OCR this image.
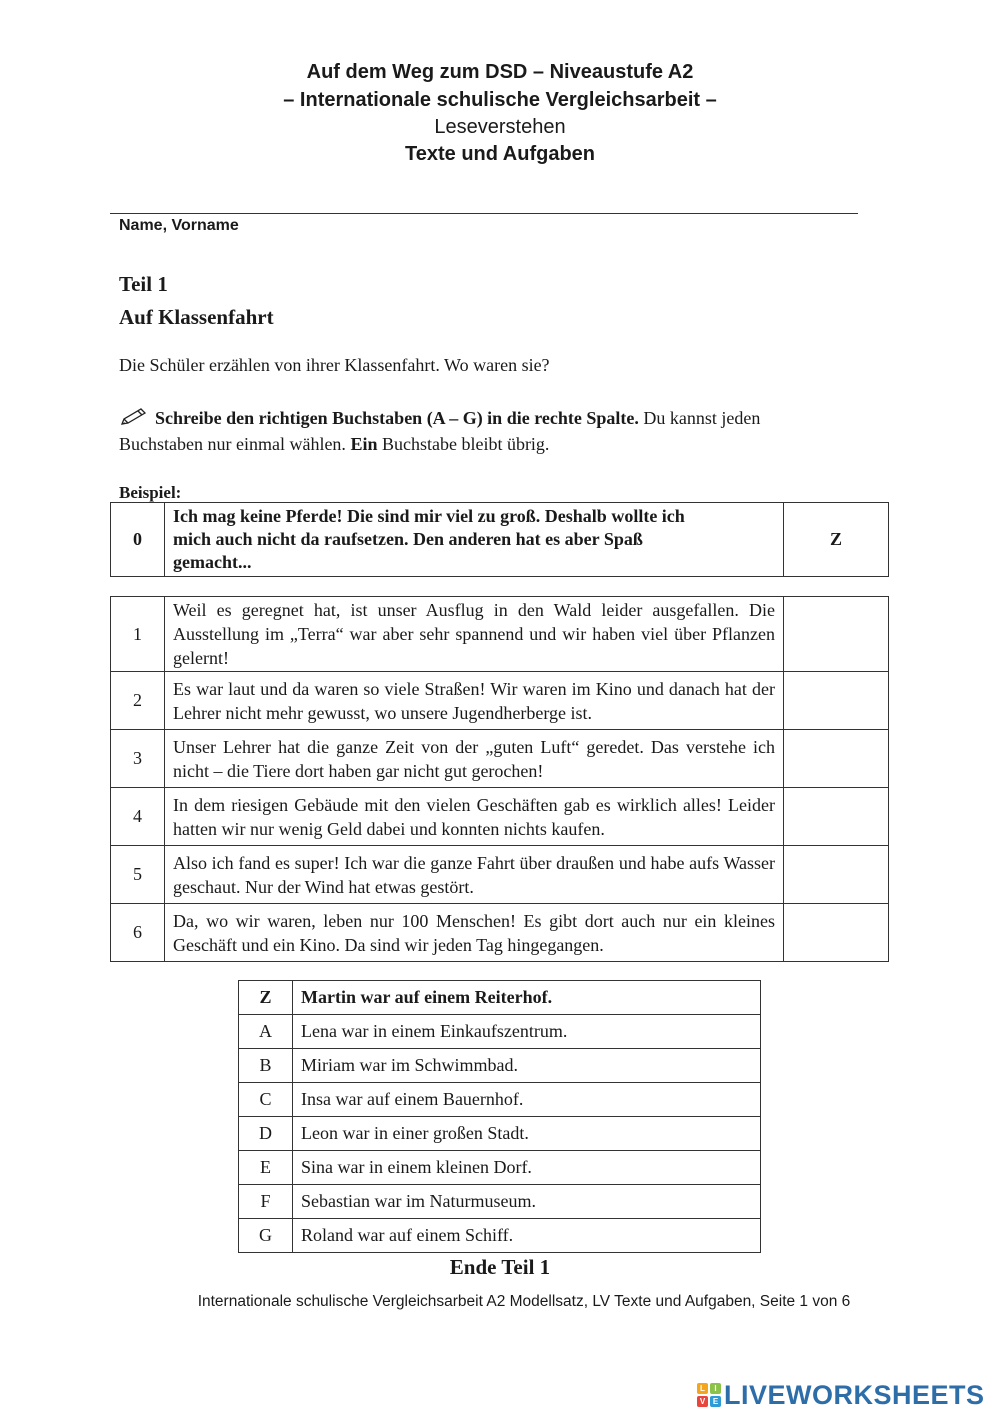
Auf dem Weg zum DSD – Niveaustufe A2
– Internationale schulische Vergleichsarbeit –
Leseverstehen
Texte und Aufgaben
Name, Vorname
Teil 1
Auf Klassenfahrt
Die Schüler erzählen von ihrer Klassenfahrt. Wo waren sie?
Schreibe den richtigen Buchstaben (A – G) in die rechte Spalte. Du kannst jeden
Buchstaben nur einmal wählen. Ein Buchstabe bleibt übrig.
Beispiel:
0	Ich mag keine Pferde! Die sind mir viel zu groß. Deshalb wollte ich
mich auch nicht da raufsetzen. Den anderen hat es aber Spaß
gemacht...	Z
1	Weil es geregnet hat, ist unser Ausflug in den Wald leider ausgefallen. Die Ausstellung im „Terra“ war aber sehr spannend und wir haben viel über Pflanzen gelernt!	
2	Es war laut und da waren so viele Straßen! Wir waren im Kino und danach hat der Lehrer nicht mehr gewusst, wo unsere Jugendherberge ist.	
3	Unser Lehrer hat die ganze Zeit von der „guten Luft“ geredet. Das verstehe ich nicht – die Tiere dort haben gar nicht gut gerochen!	
4	In dem riesigen Gebäude mit den vielen Geschäften gab es wirklich alles! Leider hatten wir nur wenig Geld dabei und konnten nichts kaufen.	
5	Also ich fand es super! Ich war die ganze Fahrt über draußen und habe aufs Wasser geschaut. Nur der Wind hat etwas gestört.	
6	Da, wo wir waren, leben nur 100 Menschen! Es gibt dort auch nur ein kleines Geschäft und ein Kino. Da sind wir jeden Tag hingegangen.	
Z	Martin war auf einem Reiterhof.
A	Lena war in einem Einkaufszentrum.
B	Miriam war im Schwimmbad.
C	Insa war auf einem Bauernhof.
D	Leon war in einer großen Stadt.
E	Sina war in einem kleinen Dorf.
F	Sebastian war im Naturmuseum.
G	Roland war auf einem Schiff.
Ende Teil 1
Internationale schulische Vergleichsarbeit A2 Modellsatz, LV Texte und Aufgaben, Seite 1 von 6
L	I
V E LIVEWORKSHEETS
